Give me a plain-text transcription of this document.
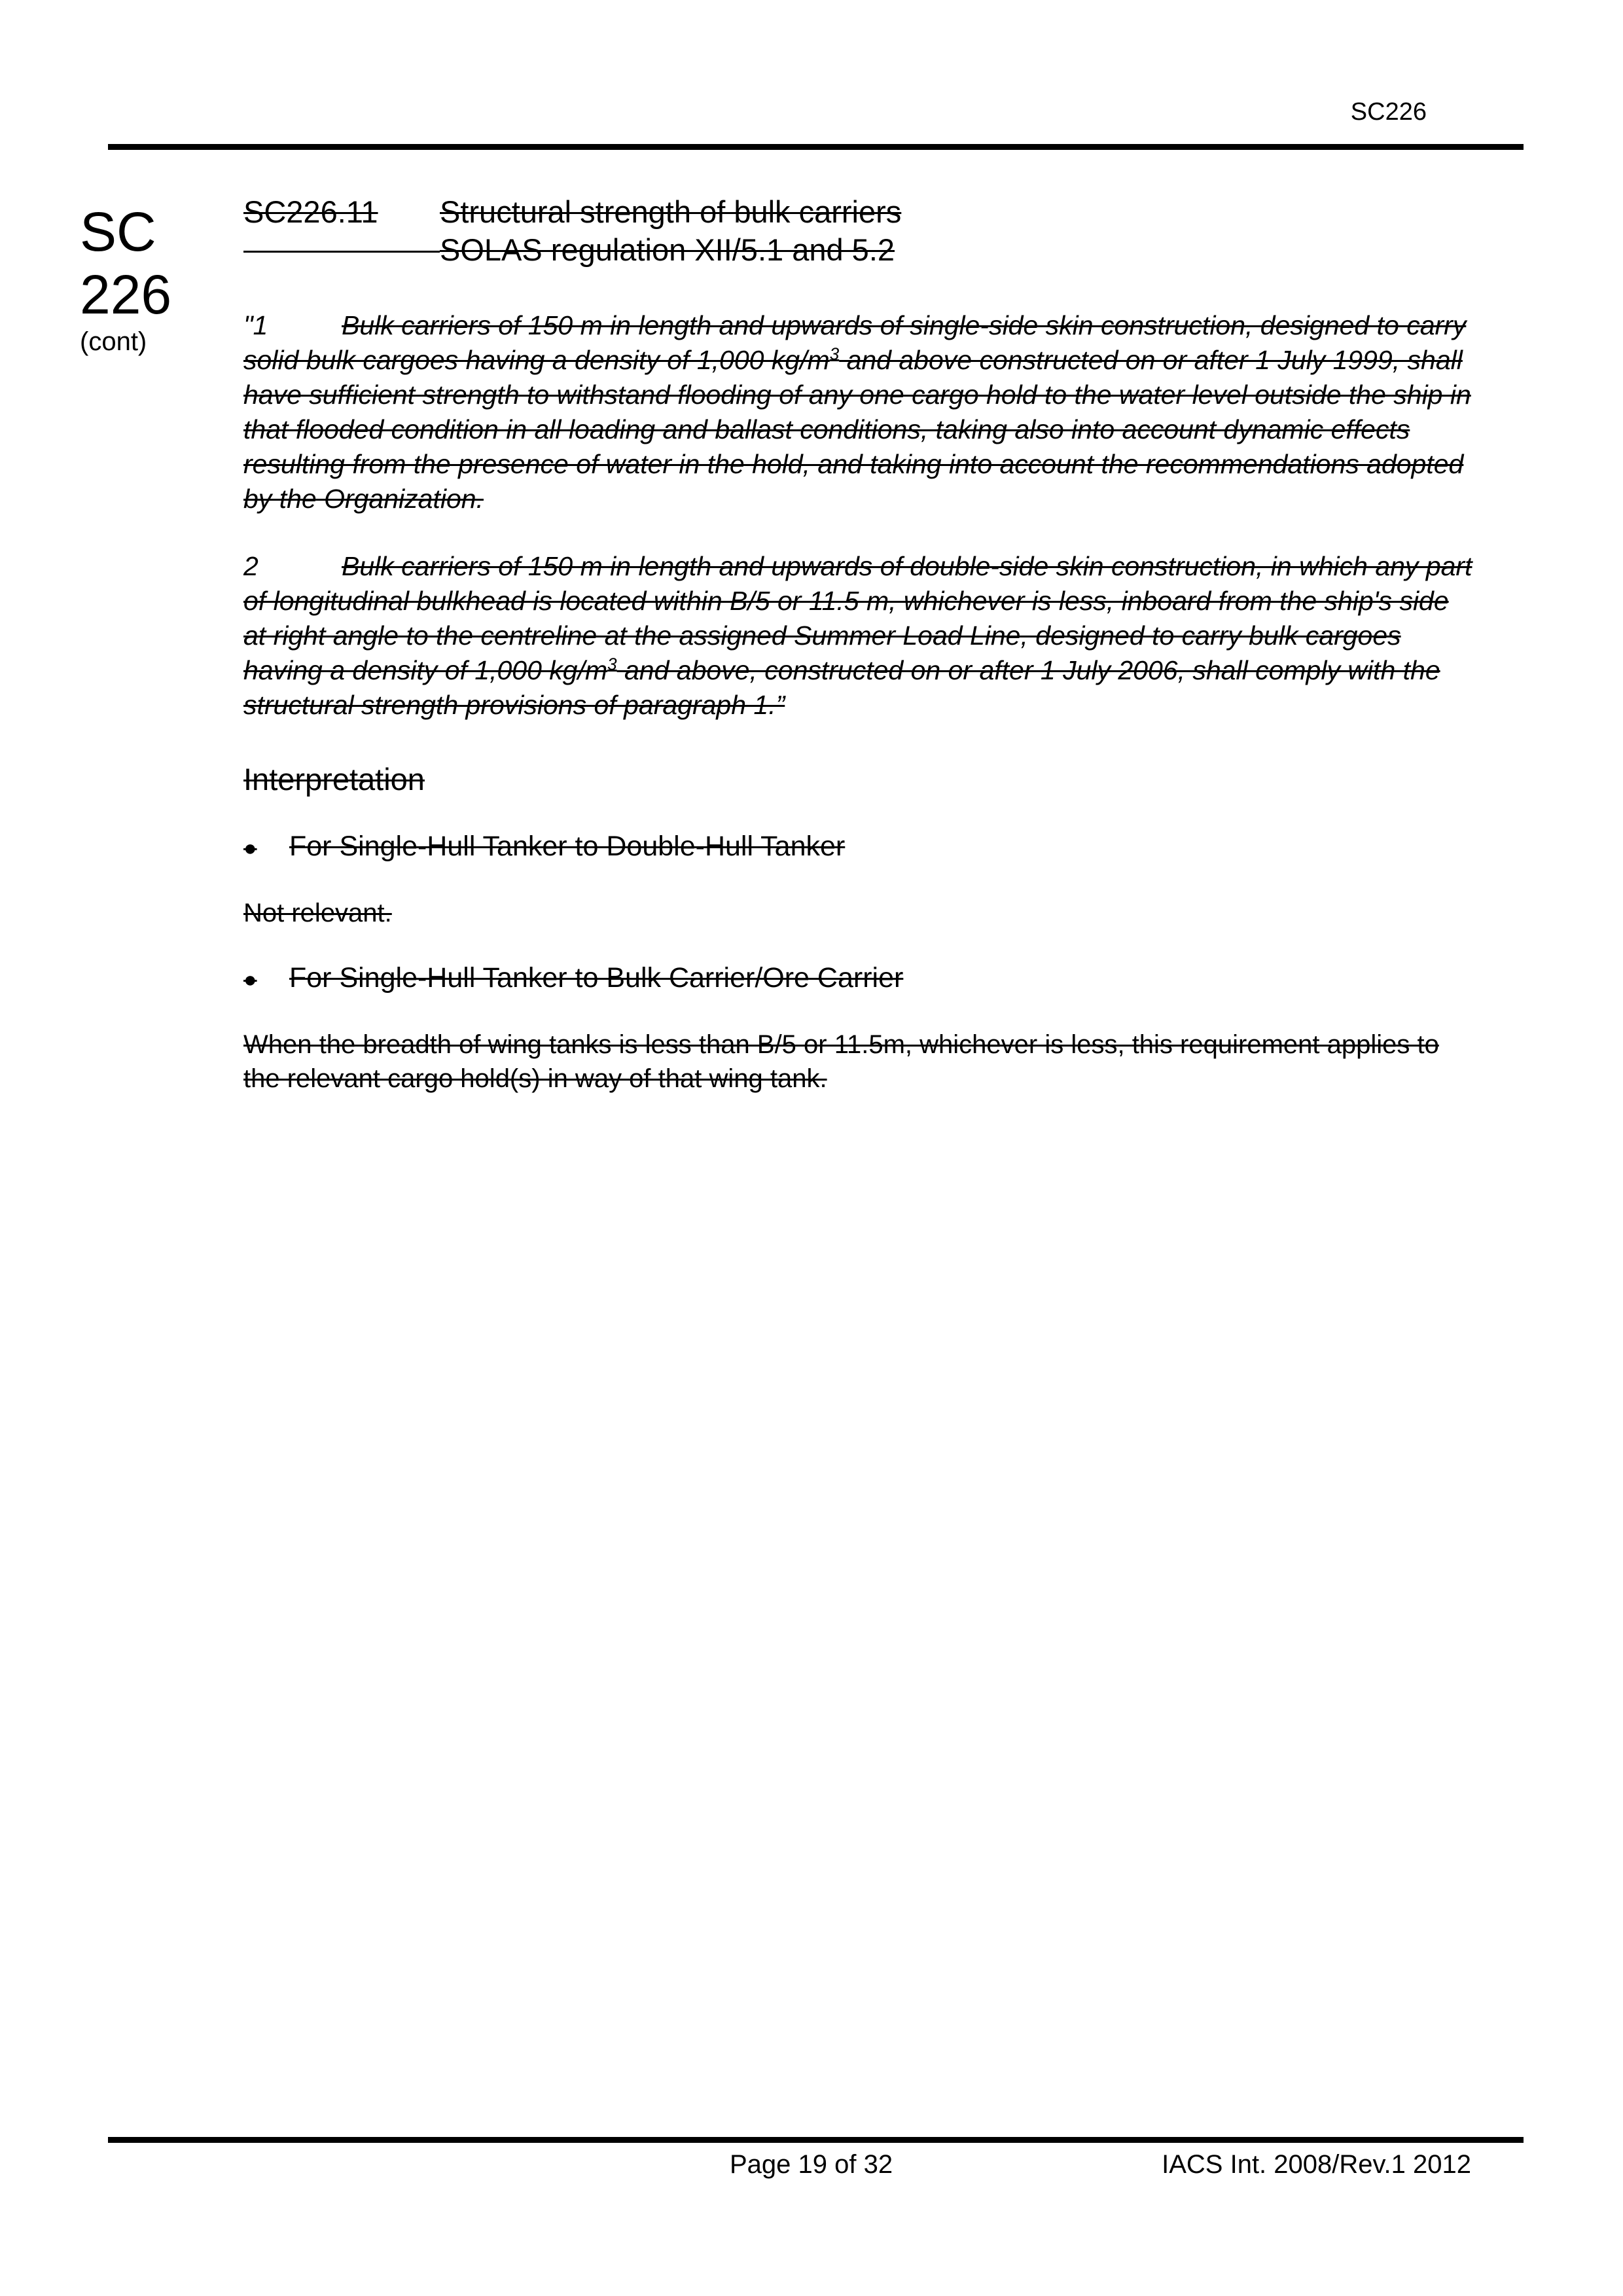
SC226
SC
226
(cont)
SC226.11	Structural strength of bulk carriers
SOLAS regulation XII/5.1 and 5.2

"1	Bulk carriers of 150 m in length and upwards of single-side skin construction, designed to carry solid bulk cargoes having a density of 1,000 $kg/m^3$ and above constructed on or after 1 July 1999, shall have sufficient strength to withstand flooding of any one cargo hold to the water level outside the ship in that flooded condition in all loading and ballast conditions, taking also into account dynamic effects resulting from the presence of water in the hold, and taking into account the recommendations adopted by the Organization.

2	Bulk carriers of 150 m in length and upwards of double-side skin construction, in which any part of longitudinal bulkhead is located within B/5 or 11.5 m, whichever is less, inboard from the ship's side at right angle to the centreline at the assigned Summer Load Line, designed to carry bulk cargoes having a density of 1,000 $kg/m^3$ and above, constructed on or after 1 July 2006, shall comply with the structural strength provisions of paragraph 1.”

Interpretation
●	For Single-Hull Tanker to Double-Hull Tanker

Not relevant.

●	For Single-Hull Tanker to Bulk Carrier/Ore Carrier

When the breadth of wing tanks is less than B/5 or 11.5m, whichever is less, this requirement applies to the relevant cargo hold(s) in way of that wing tank.

Page 19 of 32	IACS Int. 2008/Rev.1 2012
